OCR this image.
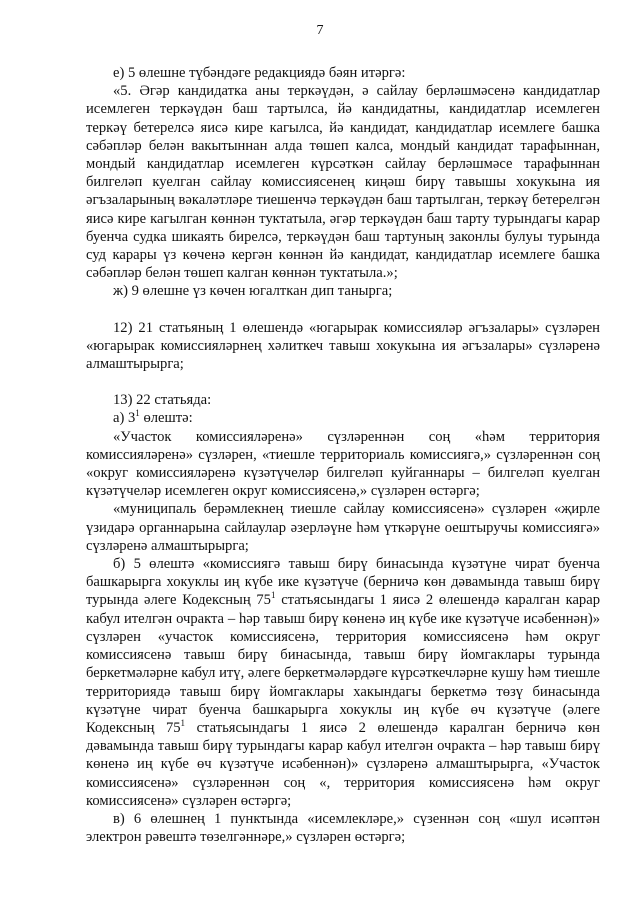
7

е) 5 өлешне түбәндәге редакциядә бәян итәргә:

«5. Әгәр кандидатка аны теркәүдән, ә сайлау берләшмәсенә кандидатлар исемлеген теркәүдән баш тартылса, йә кандидатны, кандидатлар исемлеген теркәү бетерелсә яисә кире кагылса, йә кандидат, кандидатлар исемлеге башка сәбәпләр белән вакытыннан алда төшеп калса, мондый кандидат тарафыннан, мондый кандидатлар исемлеген күрсәткән сайлау берләшмәсе тарафыннан билгеләп куелган сайлау комиссиясенең киңәш бирү тавышы хокукына ия әгъзаларының вәкаләтләре тиешенчә теркәүдән баш тартылган, теркәү бетерелгән яисә кире кагылган көннән туктатыла, әгәр теркәүдән баш тарту турындагы карар буенча судка шикаять бирелсә, теркәүдән баш тартуның законлы булуы турында суд карары үз көченә кергән көннән йә кандидат, кандидатлар исемлеге башка сәбәпләр белән төшеп калган көннән туктатыла.»;

ж) 9 өлешне үз көчен югалткан дип танырга;

12) 21 статьяның 1 өлешендә «югарырак комиссияләр әгъзалары» сүзләрен «югарырак комиссияләрнең хәлиткеч тавыш хокукына ия әгъзалары» сүзләренә алмаштырырга;

13) 22 статьяда:

а) $3^1$ өлештә:

«Участок комиссияләренә» сүзләреннән соң «һәм территория комиссияләренә» сүзләрен, «тиешле территориаль комиссиягә,» сүзләреннән соң «округ комиссияләренә күзәтүчеләр билгеләп куйганнары – билгеләп куелган күзәтүчеләр исемлеген округ комиссиясенә,» сүзләрен өстәргә;

«муниципаль берәмлекнең тиешле сайлау комиссиясенә» сүзләрен «җирле үзидарә органнарына сайлаулар әзерләүне һәм үткәрүне оештыручы комиссиягә» сүзләренә алмаштырырга;

б) 5 өлештә «комиссиягә тавыш бирү бинасында күзәтүне чират буенча башкарырга хокуклы иң күбе ике күзәтүче (берничә көн дәвамында тавыш бирү турында әлеге Кодексның $75^1$ статьясындагы 1 яисә 2 өлешендә каралган карар кабул ителгән очракта – һәр тавыш бирү көненә иң күбе ике күзәтүче исәбеннән)» сүзләрен «участок комиссиясенә, территория комиссиясенә һәм округ комиссиясенә тавыш бирү бинасында, тавыш бирү йомгаклары турында беркетмәләрне кабул итү, әлеге беркетмәләрдәге күрсәткечләрне кушу һәм тиешле территориядә тавыш бирү йомгаклары хакындагы беркетмә төзү бинасында күзәтүне чират буенча башкарырга хокуклы иң күбе өч күзәтүче (әлеге Кодексның $75^1$ статьясындагы 1 яисә 2 өлешендә каралган берничә көн дәвамында тавыш бирү турындагы карар кабул ителгән очракта – һәр тавыш бирү көненә иң күбе өч күзәтүче исәбеннән)» сүзләренә алмаштырырга, «Участок комиссиясенә» сүзләреннән соң «, территория комиссиясенә һәм округ комиссиясенә» сүзләрен өстәргә;

в) 6 өлешнең 1 пунктында «исемлекләре,» сүзеннән соң «шул исәптән электрон рәвештә төзелгәннәре,» сүзләрен өстәргә;
